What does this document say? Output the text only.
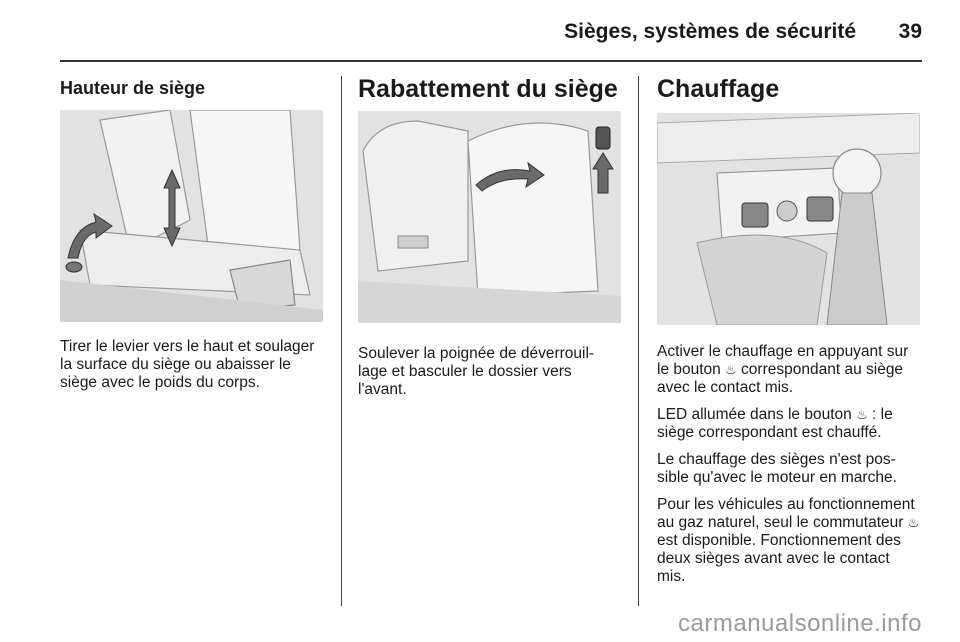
Sièges, systèmes de sécurité 39
Hauteur de siège

Tirer le levier vers le haut et soulager la surface du siège ou abaisser le siège avec le poids du corps.

Rabattement du siège

Soulever la poignée de déverrouil-lage et basculer le dossier vers l'avant.

Chauffage

Activer le chauffage en appuyant sur le bouton ♨ correspondant au siège avec le contact mis.

LED allumée dans le bouton ♨ : le siège correspondant est chauffé.

Le chauffage des sièges n'est pos-sible qu'avec le moteur en marche.

Pour les véhicules au fonctionnement au gaz naturel, seul le commutateur ♨ est disponible. Fonctionnement des deux sièges avant avec le contact mis.

carmanualsonline.info
